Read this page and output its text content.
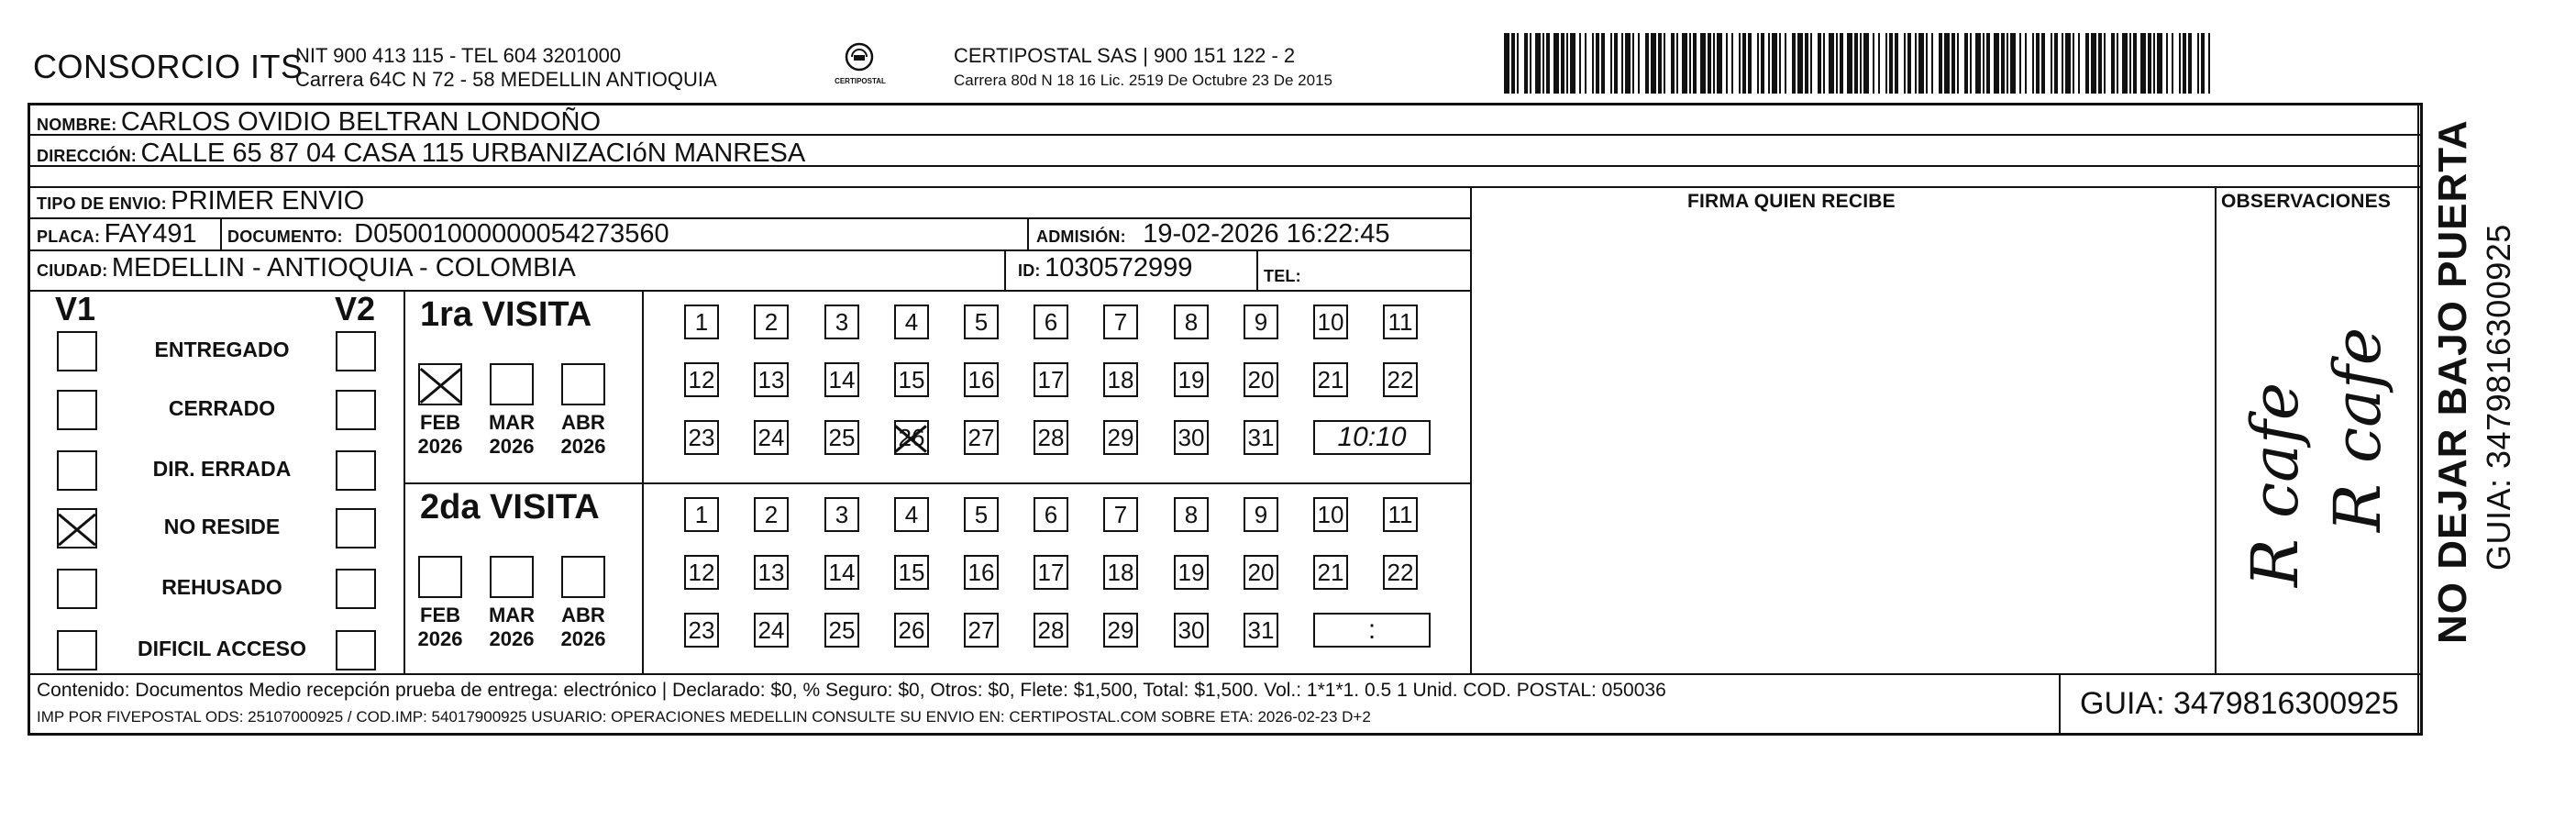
CONSORCIO ITS
NIT 900 413 115 - TEL 604 3201000
Carrera 64C N 72 - 58 MEDELLIN ANTIOQUIA	CERTIPOSTAL
CERTIPOSTAL SAS | 900 151 122 - 2
Carrera 80d N 18 16 Lic. 2519 De Octubre 23 De 2015
NOMBRE: CARLOS OVIDIO BELTRAN LONDOÑO
DIRECCIÓN: CALLE 65 87 04 CASA 115 URBANIZACIóN MANRESA
TIPO DE ENVIO: PRIMER ENVIO	FIRMA QUIEN RECIBE	OBSERVACIONES
PLACA: FAY491 DOCUMENTO: D05001000000054273560	ADMISIÓN: 19-02-2026 16:22:45
CIUDAD: MEDELLIN - ANTIOQUIA - COLOMBIA	ID: 1030572999	TEL:
V1	V2
ENTREGADO
CERRADO
DIR. ERRADA
NO RESIDE
REHUSADO
DIFICIL ACCESO
1ra VISITA
FEB
2026
MAR
2026
ABR
2026
1	2	3	4	5	6	7	8	9	10 11
12 13 14 15 16 17 18 19 20 21 22
23 24 25 26 27 28 29 30 31	10:10
2da VISITA
FEB
2026
MAR
2026
ABR
2026
1	2	3	4	5	6	7	8	9	10 11
12 13 14 15 16 17 18 19 20 21 22
23 24 25 26 27 28 29 30 31	:
R cafe R cafe
Contenido: Documentos Medio recepción prueba de entrega: electrónico | Declarado: $0, % Seguro: $0, Otros: $0, Flete: $1,500, Total: $1,500. Vol.: 1*1*1. 0.5 1 Unid. COD. POSTAL: 050036
IMP POR FIVEPOSTAL ODS: 25107000925 / COD.IMP: 54017900925 USUARIO: OPERACIONES MEDELLIN CONSULTE SU ENVIO EN: CERTIPOSTAL.COM SOBRE ETA: 2026-02-23 D+2	GUIA: 3479816300925
NO DEJAR BAJO PUERTA GUIA: 3479816300925
